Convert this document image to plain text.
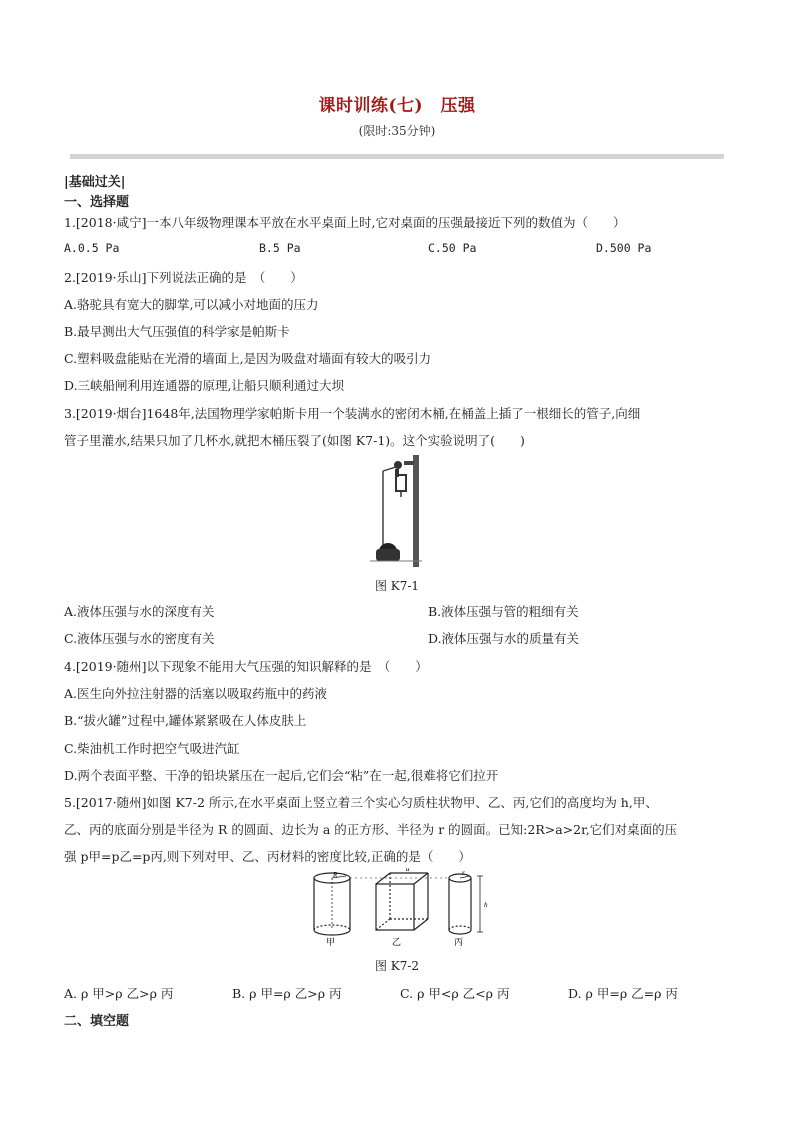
课时训练(七)　压强
(限时:35分钟)
|基础过关|
一、选择题
1.[2018·咸宁]一本八年级物理课本平放在水平桌面上时,它对桌面的压强最接近下列的数值为（　　）
A.0.5 Pa	B.5 Pa	C.50 Pa	D.500 Pa
2.[2019·乐山]下列说法正确的是　（　　）
A.骆驼具有宽大的脚掌,可以减小对地面的压力
B.最早测出大气压强值的科学家是帕斯卡
C.塑料吸盘能贴在光滑的墙面上,是因为吸盘对墙面有较大的吸引力
D.三峡船闸利用连通器的原理,让船只顺利通过大坝
3.[2019·烟台]1648年,法国物理学家帕斯卡用一个装满水的密闭木桶,在桶盖上插了一根细长的管子,向细
管子里灌水,结果只加了几杯水,就把木桶压裂了(如图 K7-1)。这个实验说明了(　　)
图 K7-1
A.液体压强与水的深度有关	B.液体压强与管的粗细有关
C.液体压强与水的密度有关	D.液体压强与水的质量有关
4.[2019·随州]以下现象不能用大气压强的知识解释的是　（　　）
A.医生向外拉注射器的活塞以吸取药瓶中的药液
B.“拔火罐”过程中,罐体紧紧吸在人体皮肤上
C.柴油机工作时把空气吸进汽缸
D.两个表面平整、干净的铅块紧压在一起后,它们会“粘”在一起,很难将它们拉开
5.[2017·随州]如图 K7-2 所示,在水平桌面上竖立着三个实心匀质柱状物甲、乙、丙,它们的高度均为 h,甲、
乙、丙的底面分别是半径为 R 的圆面、边长为 a 的正方形、半径为 r 的圆面。已知:2R>a>2r,它们对桌面的压
强 p甲=p乙=p丙,则下列对甲、乙、丙材料的密度比较,正确的是（　　）
R
a	r
h
甲	乙	丙
图 K7-2
A. ρ 甲>ρ 乙>ρ 丙	B. ρ 甲=ρ 乙>ρ 丙	C. ρ 甲<ρ 乙<ρ 丙	D. ρ 甲=ρ 乙=ρ 丙
二、填空题
